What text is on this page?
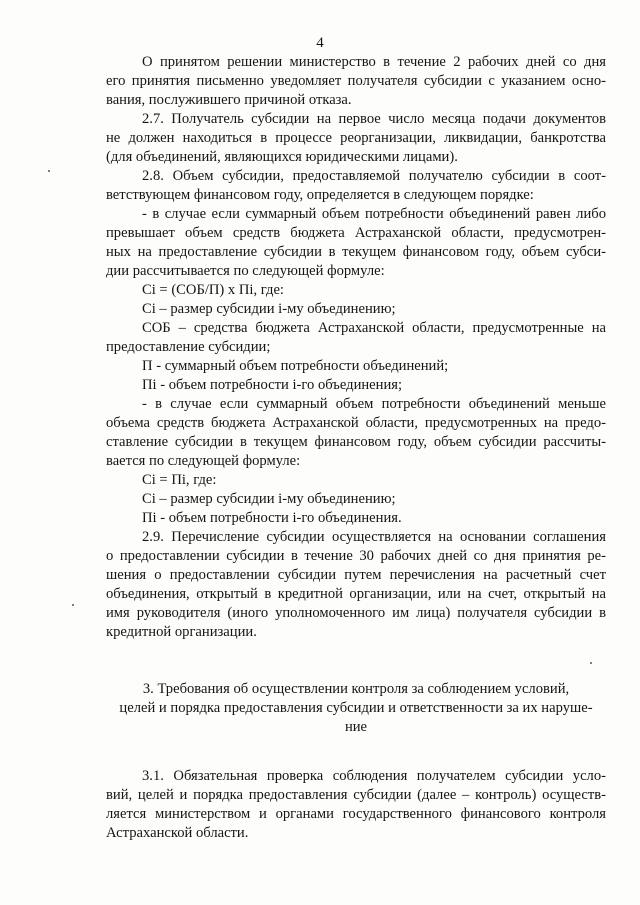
4
О принятом решении министерство в течение 2 рабочих дней со дня
его принятия письменно уведомляет получателя субсидии с указанием осно-
вания, послужившего причиной отказа.
2.7. Получатель субсидии на первое число месяца подачи документов
не должен находиться в процессе реорганизации, ликвидации, банкротства
(для объединений, являющихся юридическими лицами).
2.8. Объем субсидии, предоставляемой получателю субсидии в соот-
ветствующем финансовом году, определяется в следующем порядке:
- в случае если суммарный объем потребности объединений равен либо
превышает объем средств бюджета Астраханской области, предусмотрен-
ных на предоставление субсидии в текущем финансовом году, объем субси-
дии рассчитывается по следующей формуле:
Ci = (СОБ/П) х Пi, где:
Ci – размер субсидии i-му объединению;
СОБ – средства бюджета Астраханской области, предусмотренные на
предоставление субсидии;
П - суммарный объем потребности объединений;
Пi - объем потребности i-го объединения;
- в случае если суммарный объем потребности объединений меньше
объема средств бюджета Астраханской области, предусмотренных на предо-
ставление субсидии в текущем финансовом году, объем субсидии рассчиты-
вается по следующей формуле:
Ci = Пi, где:
Ci – размер субсидии i-му объединению;
Пi - объем потребности i-го объединения.
2.9. Перечисление субсидии осуществляется на основании соглашения
о предоставлении субсидии в течение 30 рабочих дней со дня принятия ре-
шения о предоставлении субсидии путем перечисления на расчетный счет
объединения, открытый в кредитной организации, или на счет, открытый на
имя руководителя (иного уполномоченного им лица) получателя субсидии в
кредитной организации.
3. Требования об осуществлении контроля за соблюдением условий,
целей и порядка предоставления субсидии и ответственности за их наруше-
ние
3.1. Обязательная проверка соблюдения получателем субсидии усло-
вий, целей и порядка предоставления субсидии (далее – контроль) осуществ-
ляется министерством и органами государственного финансового контроля
Астраханской области.
